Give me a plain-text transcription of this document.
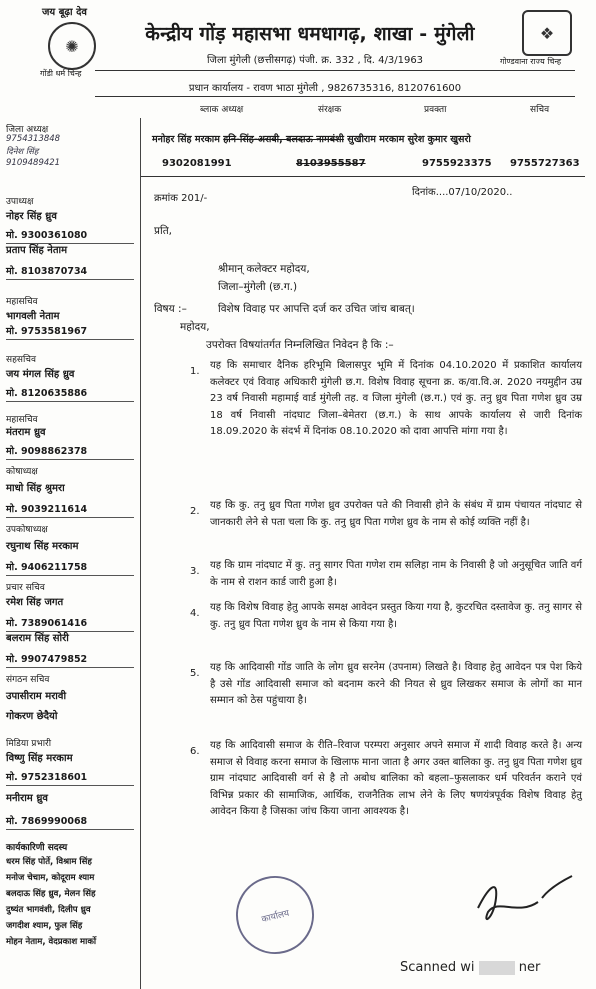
जय बूढ़ा देव
✺
गोंडी धर्म चिन्ह
❖
गोण्डवाना राज्य चिन्ह
केन्द्रीय गोंड़ महासभा धमधागढ़, शाखा - मुंगेली
जिला मुंगेली (छत्तीसगढ़) पंजी. क्र. 332 , दि. 4/3/1963
प्रधान कार्यालय - रावण भाठा मुंगेली , 9826735316, 8120761600
ब्लाक अध्यक्ष	संरक्षक	प्रवक्ता	सचिव
मनोहर सिंह मरकाम हनि-सिंह-अरावी, बलदाऊ नामबंशी सुखीराम मरकाम सुरेश कुमार खुसरो
9302081991	8103955587	9755923375 9755727363
जिला अध्यक्ष
9754313848
दिनेश सिंह
9109489421
उपाध्यक्ष
नोहर सिंह ध्रुव
मो. 9300361080
प्रताप सिंह नेताम
मो. 8103870734
महासचिव
भागवली नेताम
मो. 9753581967
सहसचिव
जय मंगल सिंह ध्रुव
मो. 8120635886
महासचिव
मंतराम ध्रुव
मो. 9098862378
कोषाध्यक्ष
माधो सिंह श्रुमरा
मो. 9039211614
उपकोषाध्यक्ष
रघुनाथ सिंह मरकाम
मो. 9406211758
प्रचार सचिव
रमेश सिंह जगत
मो. 7389061416
बलराम सिंह सोरी
मो. 9907479852
संगठन सचिव
उपासीराम मरावी
गोकरण छेदैयो
मिडिया प्रभारी
विष्णु सिंह मरकाम
मो. 9752318601
मनीराम ध्रुव
मो. 7869990068
कार्यकारिणी सदस्य
धरम सिंह पोर्ते, विश्राम सिंह
मनोज चेचाम, कोदूराम श्याम
बलदाऊ सिंह ध्रुव, मेलन सिंह
दुष्यंत भागवंशी, दिलीप ध्रुव
जगदीश श्याम, फुल सिंह
मोहन नेताम, वेदप्रकाश मार्को
क्रमांक 201/-
दिनांक....07/10/2020..
प्रति,
श्रीमान् कलेक्टर महोदय,
जिला–मुंगेली (छ.ग.)
विषय :–	विशेष विवाह पर आपत्ति दर्ज कर उचित जांच बाबत्।
महोदय,
उपरोक्त विषयांतर्गत निम्नलिखित निवेदन है कि :–
1.
यह कि समाचार दैनिक हरिभूमि बिलासपुर भूमि में दिनांक 04.10.2020 में प्रकाशित कार्यालय कलेक्टर एवं विवाह अधिकारी मुंगेली छ.ग. विशेष विवाह सूचना क्र. क/वा.वि.अ. 2020 नयमुद्दीन उम्र 23 वर्ष निवासी महामाई वार्ड मुंगेली तह. व जिला मुंगेली (छ.ग.) एवं कु. तनु ध्रुव पिता गणेश ध्रुव उम्र 18 वर्ष निवासी नांदघाट जिला–बेमेतरा (छ.ग.) के साथ आपके कार्यालय से जारी दिनांक 18.09.2020 के संदर्भ में दिनांक 08.10.2020 को दावा आपत्ति मांगा गया है।
2.
यह कि कु. तनु ध्रुव पिता गणेश ध्रुव उपरोक्त पते की निवासी होने के संबंध में ग्राम पंचायत नांदघाट से जानकारी लेने से पता चला कि कु. तनु ध्रुव पिता गणेश ध्रुव के नाम से कोई व्यक्ति नहीं है।
3.
यह कि ग्राम नांदघाट में कु. तनु सागर पिता गणेश राम सलिहा नाम के निवासी है जो अनुसूचित जाति वर्ग के नाम से राशन कार्ड जारी हुआ है।
4.
यह कि विशेष विवाह हेतु आपके समक्ष आवेदन प्रस्तुत किया गया है, कुटरचित दस्तावेज कु. तनु सागर से कु. तनु ध्रुव पिता गणेश ध्रुव के नाम से किया गया है।
5.
यह कि आदिवासी गोंड जाति के लोग ध्रुव सरनेम (उपनाम) लिखते है। विवाह हेतु आवेदन पत्र पेश किये है उसे गोंड आदिवासी समाज को बदनाम करने की नियत से ध्रुव लिखकर समाज के लोगों का मान सम्मान को ठेस पहुंचाया है।
6.
यह कि आदिवासी समाज के रीति–रिवाज परम्परा अनुसार अपने समाज में शादी विवाह करते है। अन्य समाज से विवाह करना समाज के खिलाफ माना जाता है अगर उक्त बालिका कु. तनु ध्रुव पिता गणेश ध्रुव ग्राम नांदघाट आदिवासी वर्ग से है तो अबोध बालिका को बहला–फुसलाकर धर्म परिवर्तन कराने एवं विभिन्न प्रकार की सामाजिक, आर्थिक, राजनैतिक लाभ लेने के लिए षणयंत्रपूर्वक विशेष विवाह हेतु आवेदन किया है जिसका जांच किया जाना आवश्यक है।
कार्यालय
Scanned wi	ner
